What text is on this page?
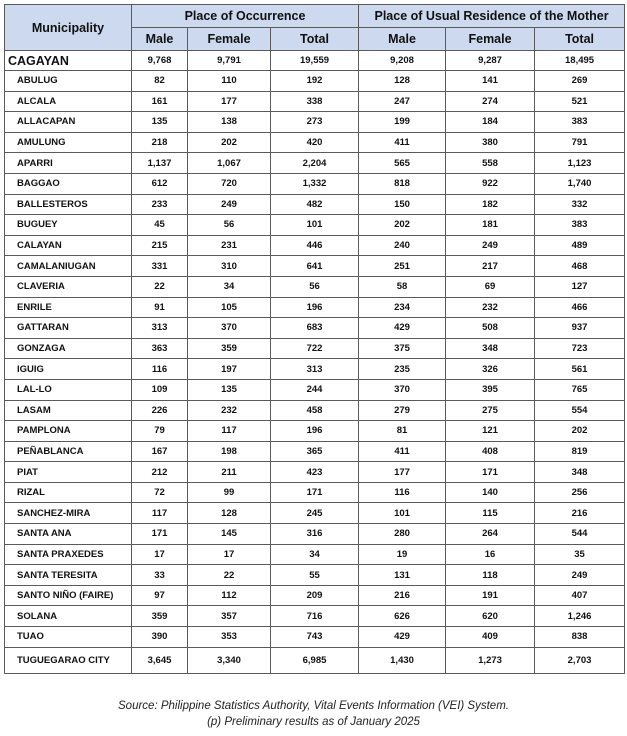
Municipality	Place of Occurrence			Place of Usual Residence of the Mother		
	Male	Female	Total	Male	Female	Total
CAGAYAN	9,768	9,791	19,559	9,208	9,287	18,495
ABULUG	82	110	192	128	141	269
ALCALA	161	177	338	247	274	521
ALLACAPAN	135	138	273	199	184	383
AMULUNG	218	202	420	411	380	791
APARRI	1,137	1,067	2,204	565	558	1,123
BAGGAO	612	720	1,332	818	922	1,740
BALLESTEROS	233	249	482	150	182	332
BUGUEY	45	56	101	202	181	383
CALAYAN	215	231	446	240	249	489
CAMALANIUGAN	331	310	641	251	217	468
CLAVERIA	22	34	56	58	69	127
ENRILE	91	105	196	234	232	466
GATTARAN	313	370	683	429	508	937
GONZAGA	363	359	722	375	348	723
IGUIG	116	197	313	235	326	561
LAL-LO	109	135	244	370	395	765
LASAM	226	232	458	279	275	554
PAMPLONA	79	117	196	81	121	202
PEÑABLANCA	167	198	365	411	408	819
PIAT	212	211	423	177	171	348
RIZAL	72	99	171	116	140	256
SANCHEZ-MIRA	117	128	245	101	115	216
SANTA ANA	171	145	316	280	264	544
SANTA PRAXEDES	17	17	34	19	16	35
SANTA TERESITA	33	22	55	131	118	249
SANTO NIÑO (FAIRE)	97	112	209	216	191	407
SOLANA	359	357	716	626	620	1,246
TUAO	390	353	743	429	409	838
TUGUEGARAO CITY	3,645	3,340	6,985	1,430	1,273	2,703
Source: Philippine Statistics Authority, Vital Events Information (VEI) System.
(p) Preliminary results as of January 2025
